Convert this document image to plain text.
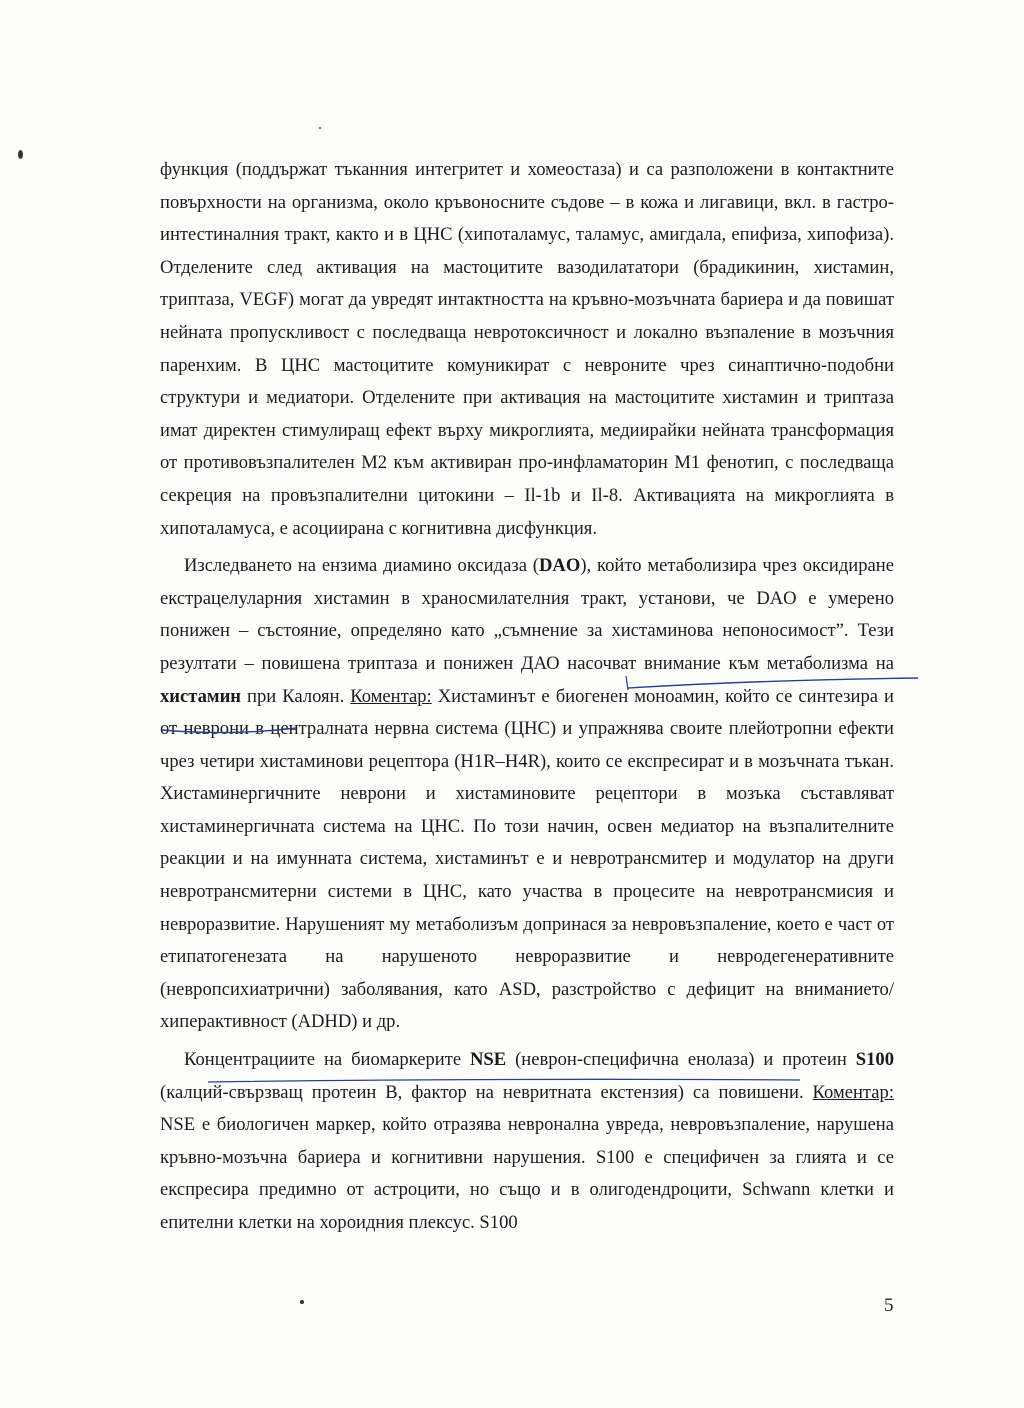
функция (поддържат тъканния интегритет и хомеостаза) и са разположени в контактните повърхности на организма, около кръвоносните съдове – в кожа и лигавици, вкл. в гастро-интестиналния тракт, както и в ЦНС (хипоталамус, таламус, амигдала, епифиза, хипофиза). Отделените след активация на мастоцитите вазодилататори (брадикинин, хистамин, триптаза, VEGF) могат да увредят интактността на кръвно-мозъчната бариера и да повишат нейната пропускливост с последваща невротоксичност и локално възпаление в мозъчния паренхим. В ЦНС мастоцитите комуникират с невроните чрез синаптично-подобни структури и медиатори. Отделените при активация на мастоцитите хистамин и триптаза имат директен стимулиращ ефект върху микроглията, медиирайки нейната трансформация от противовъзпалителен М2 към активиран про-инфламаторин М1 фенотип, с последваща секреция на провъзпалителни цитокини – Il-1b и Il-8. Активацията на микроглията в хипоталамуса, е асоциирана с когнитивна дисфункция.

Изследването на ензима диамино оксидаза (DAO), който метаболизира чрез оксидиране екстрацелуларния хистамин в храносмилателния тракт, установи, че DAO е умерено понижен – състояние, определяно като „съмнение за хистаминова непоносимост”. Тези резултати – повишена триптаза и понижен ДАО насочват внимание към метаболизма на хистамин при Калоян. Коментар: Хистаминът е биогенен моноамин, който се синтезира и от неврони в централната нервна система (ЦНС) и упражнява своите плейотропни ефекти чрез четири хистаминови рецептора (H1R–H4R), които се експресират и в мозъчната тъкан. Хистаминергичните неврони и хистаминовите рецептори в мозъка съставляват хистаминергичната система на ЦНС. По този начин, освен медиатор на възпалителните реакции и на имунната система, хистаминът е и невротрансмитер и модулатор на други невротрансмитерни системи в ЦНС, като участва в процесите на невротрансмисия и невроразвитие. Нарушеният му метаболизъм допринася за невровъзпаление, което е част от етипатогенезата на нарушеното невроразвитие и невродегенеративните (невропсихиатрични) заболявания, като ASD, разстройство с дефицит на вниманието/хиперактивност (ADHD) и др.

Концентрациите на биомаркерите NSE (неврон-специфична енолаза) и протеин S100 (калций-свързващ протеин B, фактор на невритната екстензия) са повишени. Коментар: NSE е биологичен маркер, който отразява невронална увреда, невровъзпаление, нарушена кръвно-мозъчна бариера и когнитивни нарушения. S100 е специфичен за глията и се експресира предимно от астроцити, но също и в олигодендроцити, Schwann клетки и епителни клетки на хороидния плексус. S100

5
